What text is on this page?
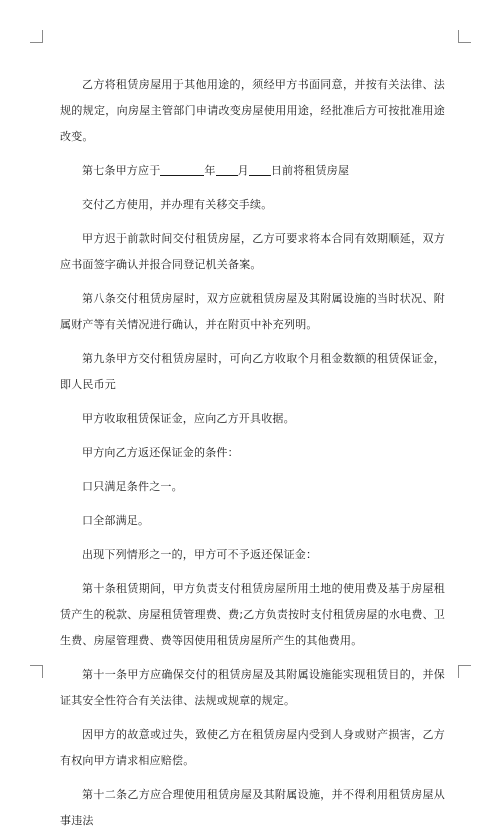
乙方将租赁房屋用于其他用途的，须经甲方书面同意，并按有关法律、法规的规定，向房屋主管部门申请改变房屋使用用途，经批准后方可按批准用途改变。

第七条甲方应于	年 月 日前将租赁房屋

交付乙方使用，并办理有关移交手续。

甲方迟于前款时间交付租赁房屋，乙方可要求将本合同有效期顺延，双方应书面签字确认并报合同登记机关备案。

第八条交付租赁房屋时，双方应就租赁房屋及其附属设施的当时状况、附属财产等有关情况进行确认，并在附页中补充列明。

第九条甲方交付租赁房屋时，可向乙方收取个月租金数额的租赁保证金，即人民币元

甲方收取租赁保证金，应向乙方开具收据。

甲方向乙方返还保证金的条件：

口只满足条件之一。

口全部满足。

出现下列情形之一的，甲方可不予返还保证金：

第十条租赁期间，甲方负责支付租赁房屋所用土地的使用费及基于房屋租赁产生的税款、房屋租赁管理费、费;乙方负责按时支付租赁房屋的水电费、卫生费、房屋管理费、费等因使用租赁房屋所产生的其他费用。

第十一条甲方应确保交付的租赁房屋及其附属设施能实现租赁目的，并保证其安全性符合有关法律、法规或规章的规定。

因甲方的故意或过失，致使乙方在租赁房屋内受到人身或财产损害，乙方有权向甲方请求相应赔偿。

第十二条乙方应合理使用租赁房屋及其附属设施，并不得利用租赁房屋从事违法
